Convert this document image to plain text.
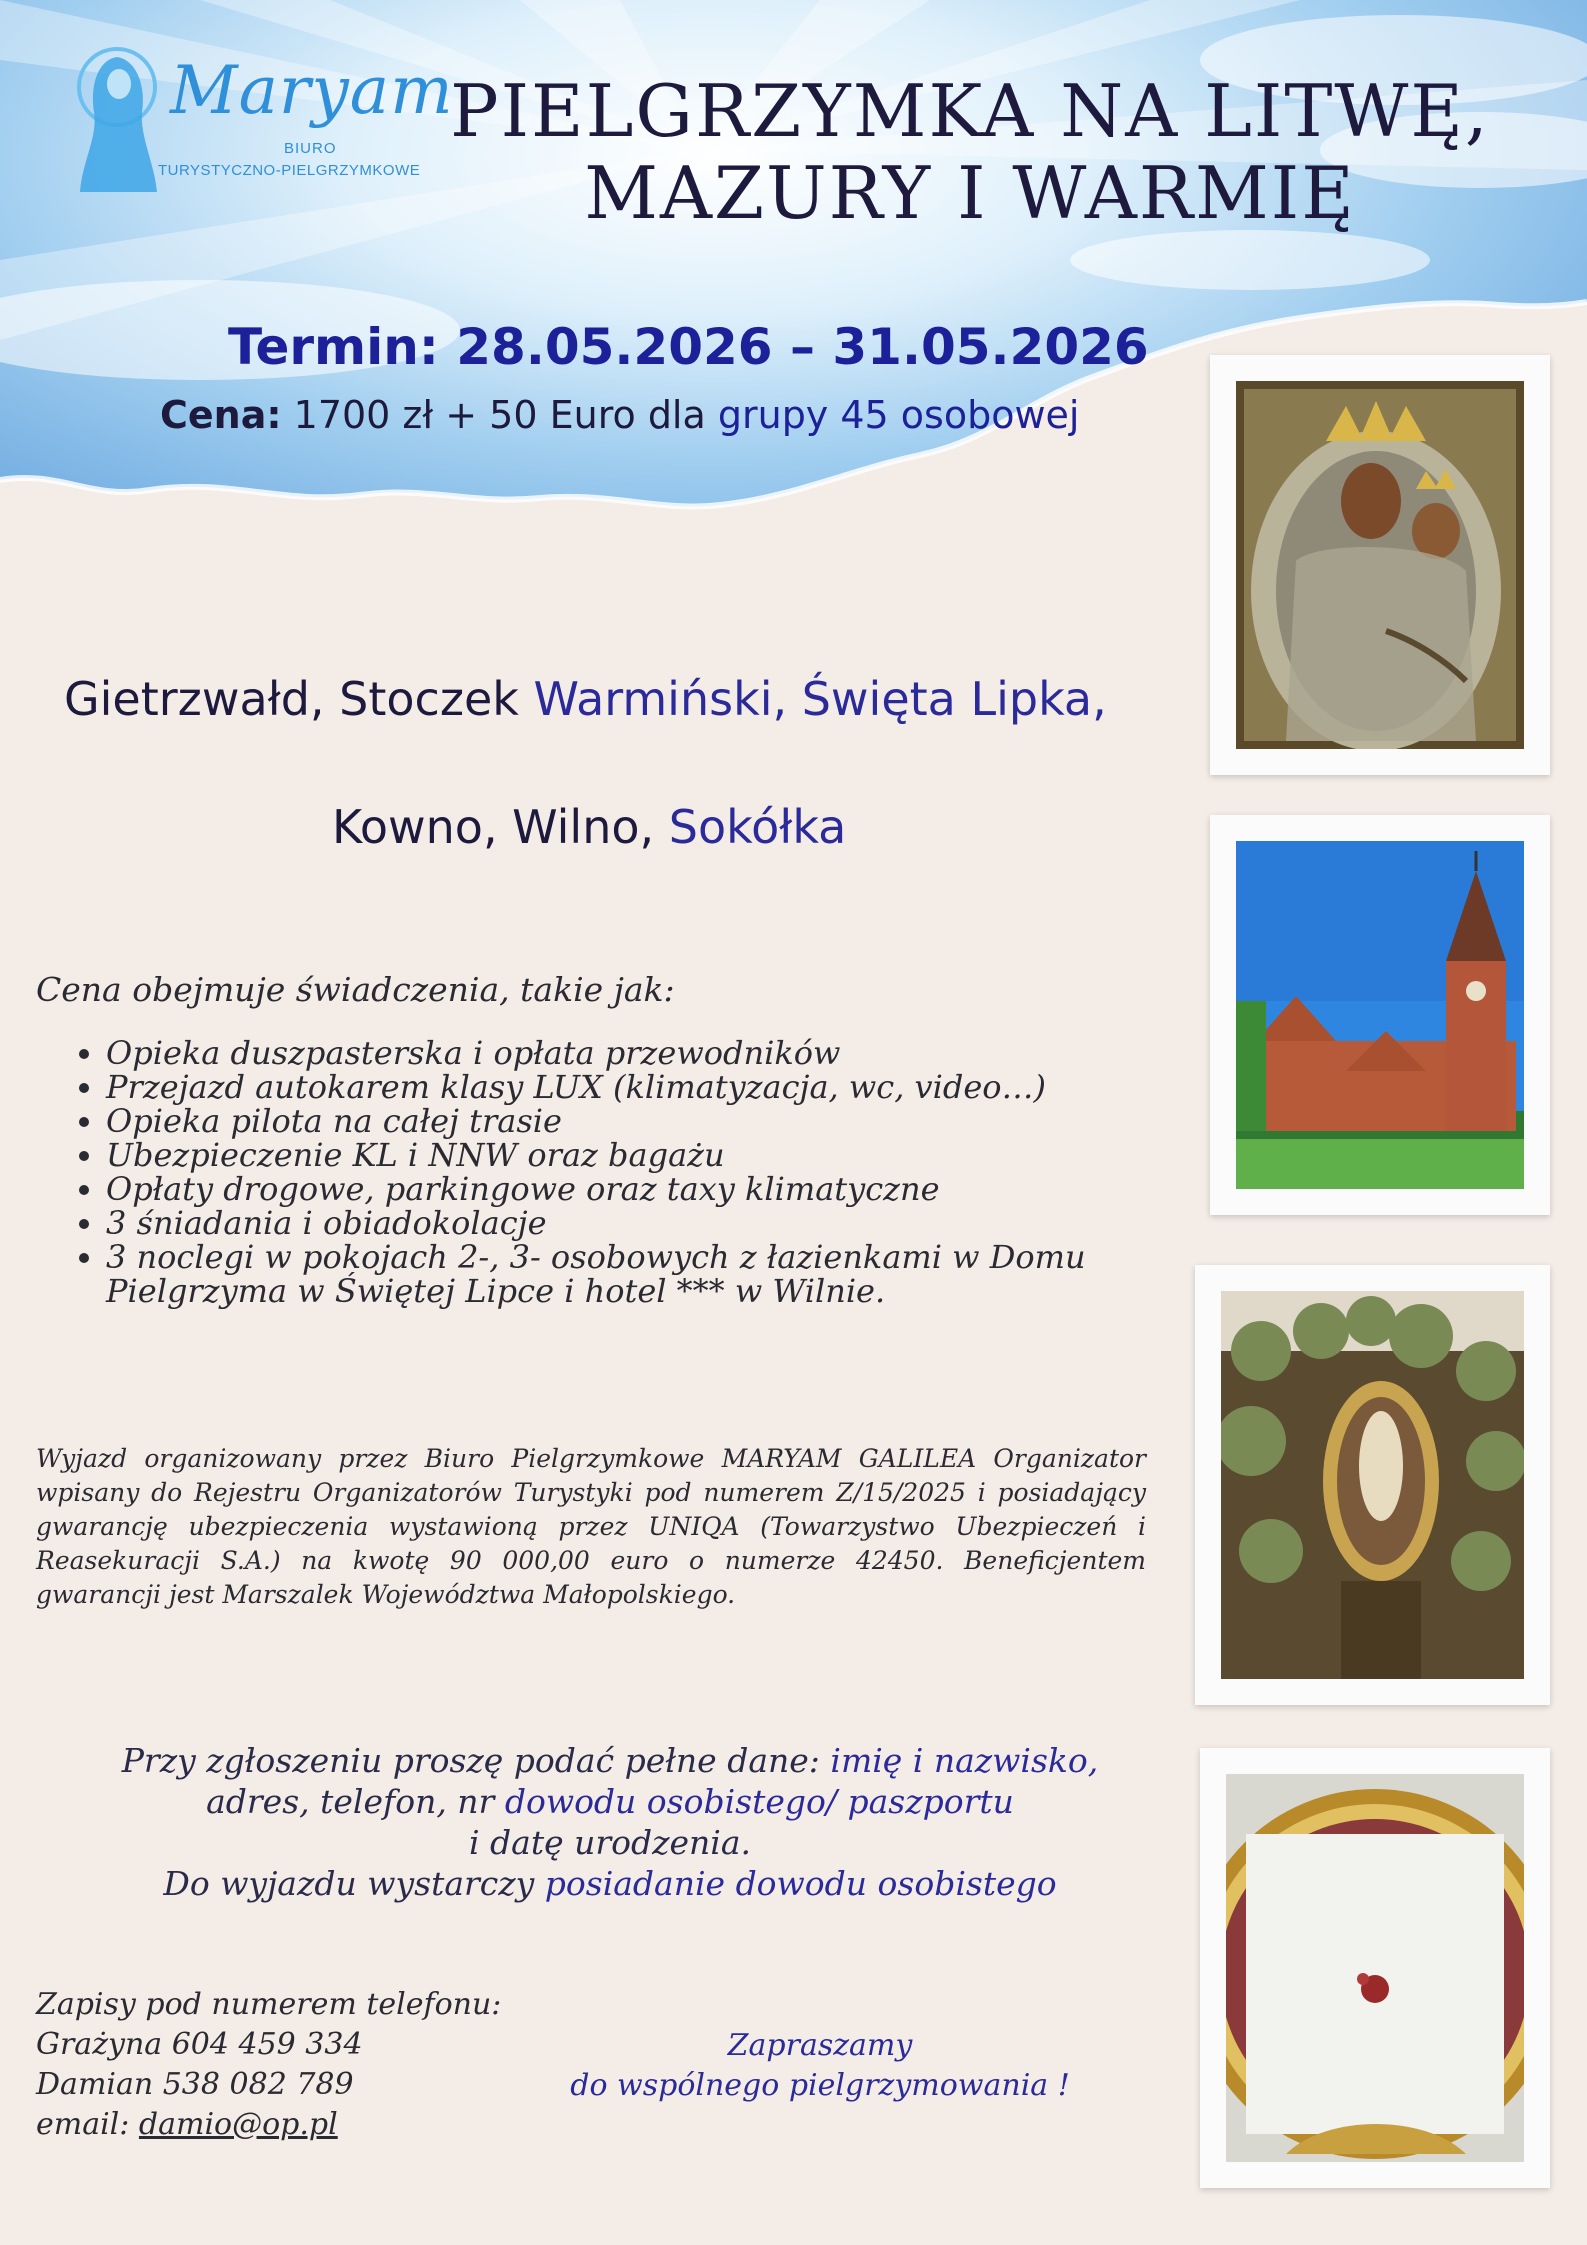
Maryam
BIURO
TURYSTYCZNO-PIELGRZYMKOWE
PIELGRZYMKA NA LITWĘ,
MAZURY I WARMIĘ
Termin: 28.05.2026 – 31.05.2026
Cena: 1700 zł + 50 Euro dla grupy 45 osobowej
Gietrzwałd, Stoczek Warmiński, Święta Lipka,
Kowno, Wilno, Sokółka
Cena obejmuje świadczenia, takie jak:
• Opieka duszpasterska i opłata przewodników
• Przejazd autokarem klasy LUX (klimatyzacja, wc, video…)
• Opieka pilota na całej trasie
• Ubezpieczenie KL i NNW oraz bagażu
• Opłaty drogowe, parkingowe oraz taxy klimatyczne
• 3 śniadania i obiadokolacje
• 3 noclegi w pokojach 2-, 3- osobowych z łazienkami w Domu Pielgrzyma w Świętej Lipce i hotel *** w Wilnie.
Wyjazd organizowany przez Biuro Pielgrzymkowe MARYAM GALILEA Organizator wpisany do Rejestru Organizatorów Turystyki pod numerem Z/15/2025 i posiadający gwarancję ubezpieczenia wystawioną przez UNIQA (Towarzystwo Ubezpieczeń i Reasekuracji S.A.) na kwotę 90 000,00 euro o numerze 42450. Beneficjentem gwarancji jest Marszalek Województwa Małopolskiego.
Przy zgłoszeniu proszę podać pełne dane: imię i nazwisko,
adres, telefon, nr dowodu osobistego/ paszportu
i datę urodzenia.
Do wyjazdu wystarczy posiadanie dowodu osobistego
Zapisy pod numerem telefonu:
Grażyna 604 459 334
Damian 538 082 789
email: damio@op.pl
Zapraszamy
do wspólnego pielgrzymowania !
